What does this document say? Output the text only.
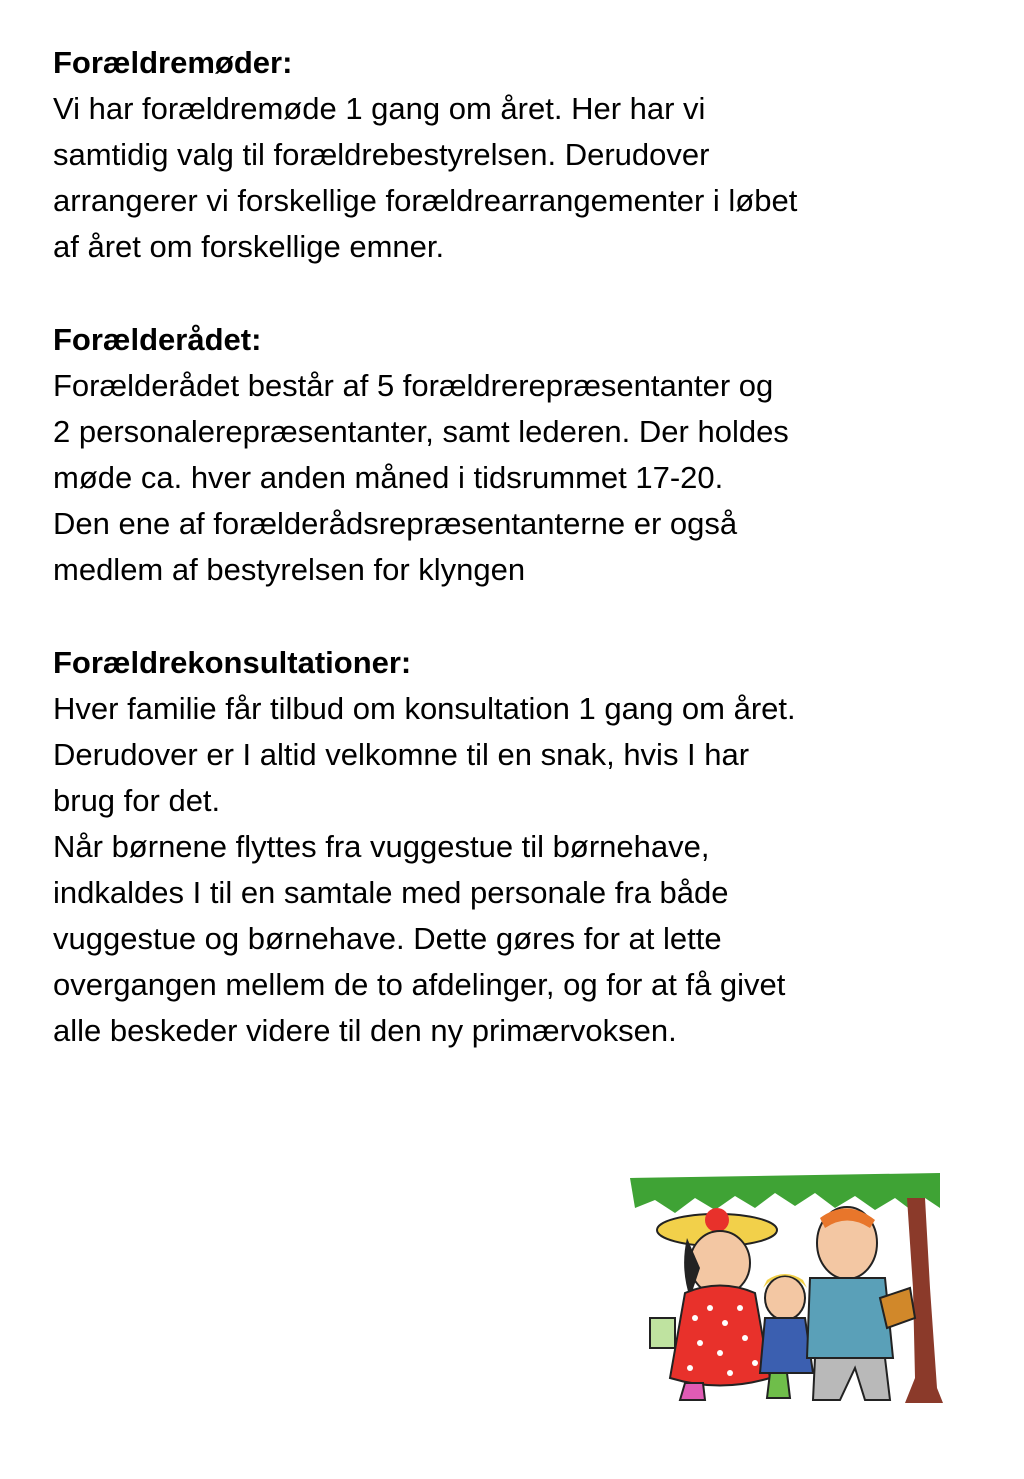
Forældremøder:

Vi har forældremøde 1 gang om året. Her har vi
samtidig valg til forældrebestyrelsen. Derudover
arrangerer vi forskellige forældrearrangementer i løbet
af året om forskellige emner.

Forælderådet:

Forælderådet består af 5 forældrerepræsentanter og
2 personalerepræsentanter, samt lederen. Der holdes
møde ca. hver anden måned i tidsrummet 17-20.

Den ene af forælderådsrepræsentanterne er også
medlem af bestyrelsen for klyngen

Forældrekonsultationer:

Hver familie får tilbud om konsultation 1 gang om året.
Derudover er I altid velkomne til en snak, hvis I har
brug for det.

Når børnene flyttes fra vuggestue til børnehave,
indkaldes I til en samtale med personale fra både
vuggestue og børnehave. Dette gøres for at lette
overgangen mellem de to afdelinger, og for at få givet
alle beskeder videre til den ny primærvoksen.
